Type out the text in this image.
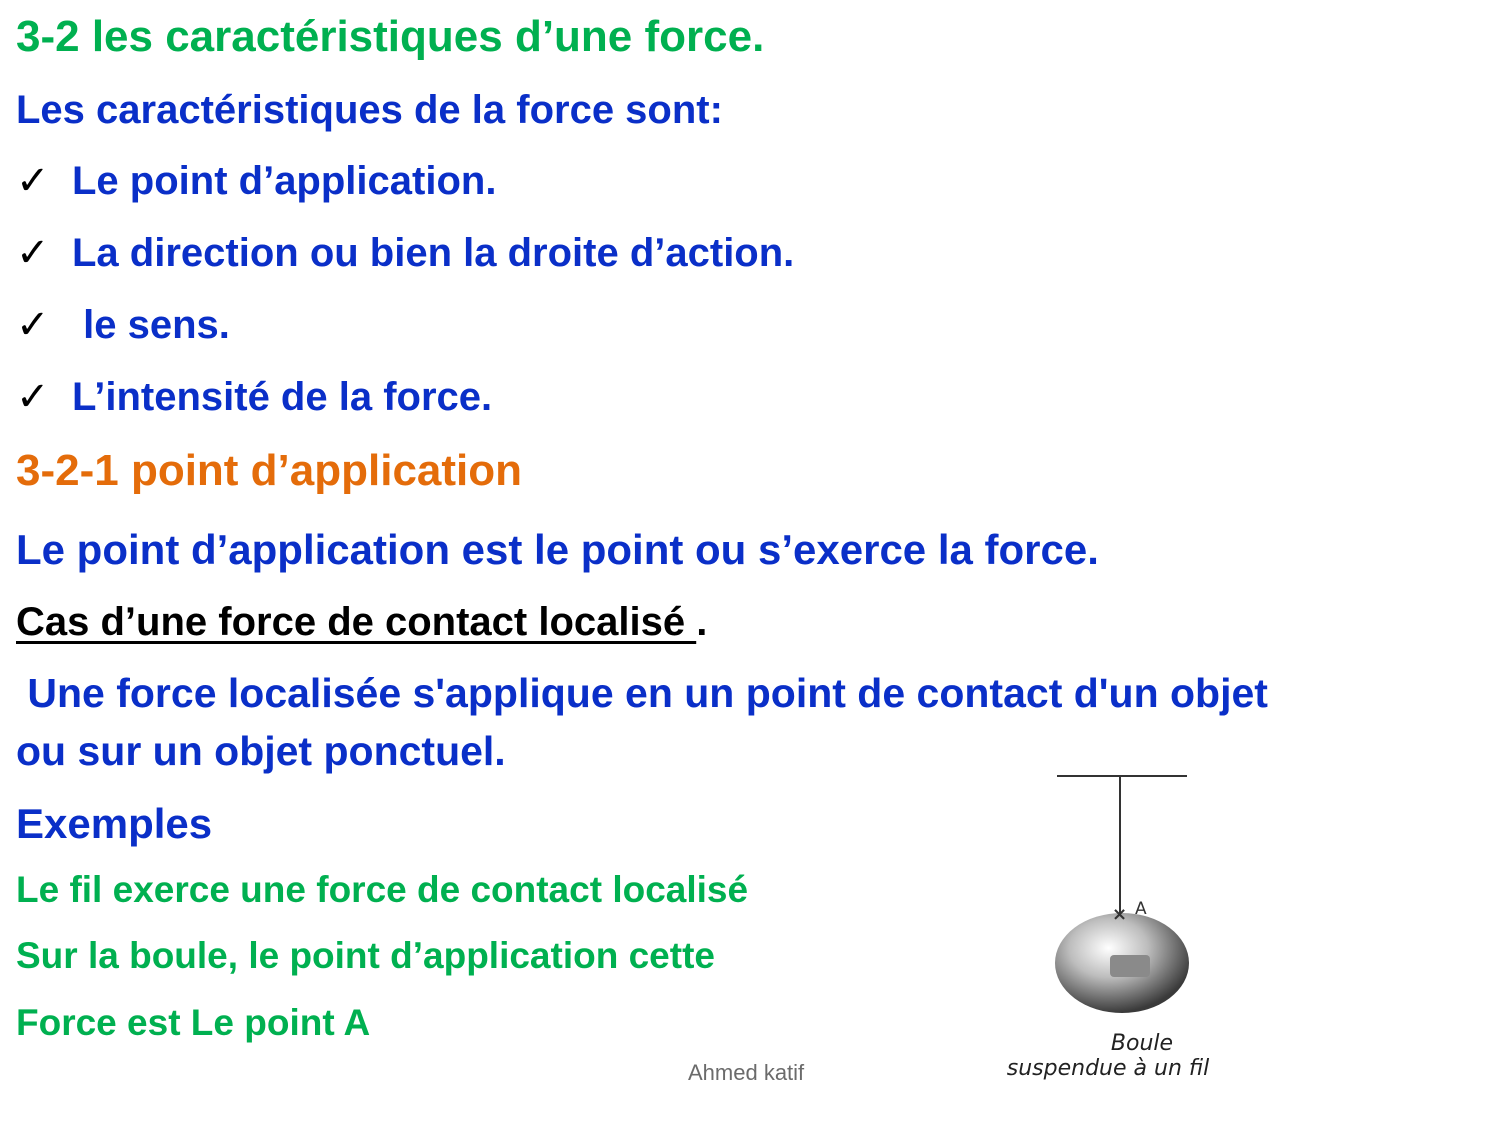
3-2 les caractéristiques d’une force.
Les caractéristiques de la force sont:
✓ Le point d’application.
✓ La direction ou bien la droite d’action.
✓ le sens.
✓ L’intensité de la force.
3-2-1 point d’application
Le point d’application est le point ou s’exerce la force.
Cas d’une force de contact localisé .
Une force localisée s'applique en un point de contact d'un objet
ou sur un objet ponctuel.
Exemples
Le fil exerce une force de contact localisé
Sur la boule, le point d’application cette
Force est Le point A
× A
Boule
suspendue à un fil
Ahmed katif
